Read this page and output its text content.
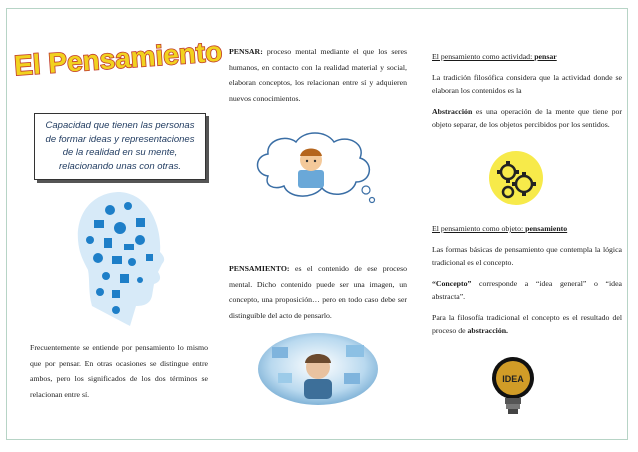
El Pensamiento
Capacidad que tienen las personas de formar ideas y representaciones de la realidad en su mente, relacionando unas con otras.

Frecuentemente se entiende por pensamiento lo mismo que por pensar. En otras ocasiones se distingue entre ambos, pero los significados de los dos términos se relacionan entre sí.

PENSAR: proceso mental mediante el que los seres humanos, en contacto con la realidad material y social, elaboran conceptos, los relacionan entre sí y adquieren nuevos conocimientos.

PENSAMIENTO: es el contenido de ese proceso mental. Dicho contenido puede ser una imagen, un concepto, una proposición… pero en todo caso debe ser distinguible del acto de pensarlo.

El pensamiento como actividad: pensar

La tradición filosófica considera que la actividad donde se elaboran los contenidos es la

Abstracción es una operación de la mente que tiene por objeto separar, de los objetos percibidos por los sentidos.

El pensamiento como objeto: pensamiento

Las formas básicas de pensamiento que contempla la lógica tradicional es el concepto.

“Concepto” corresponde a “idea general” o “idea abstracta”.

Para la filosofía tradicional el concepto es el resultado del proceso de abstracción.

IDEA
